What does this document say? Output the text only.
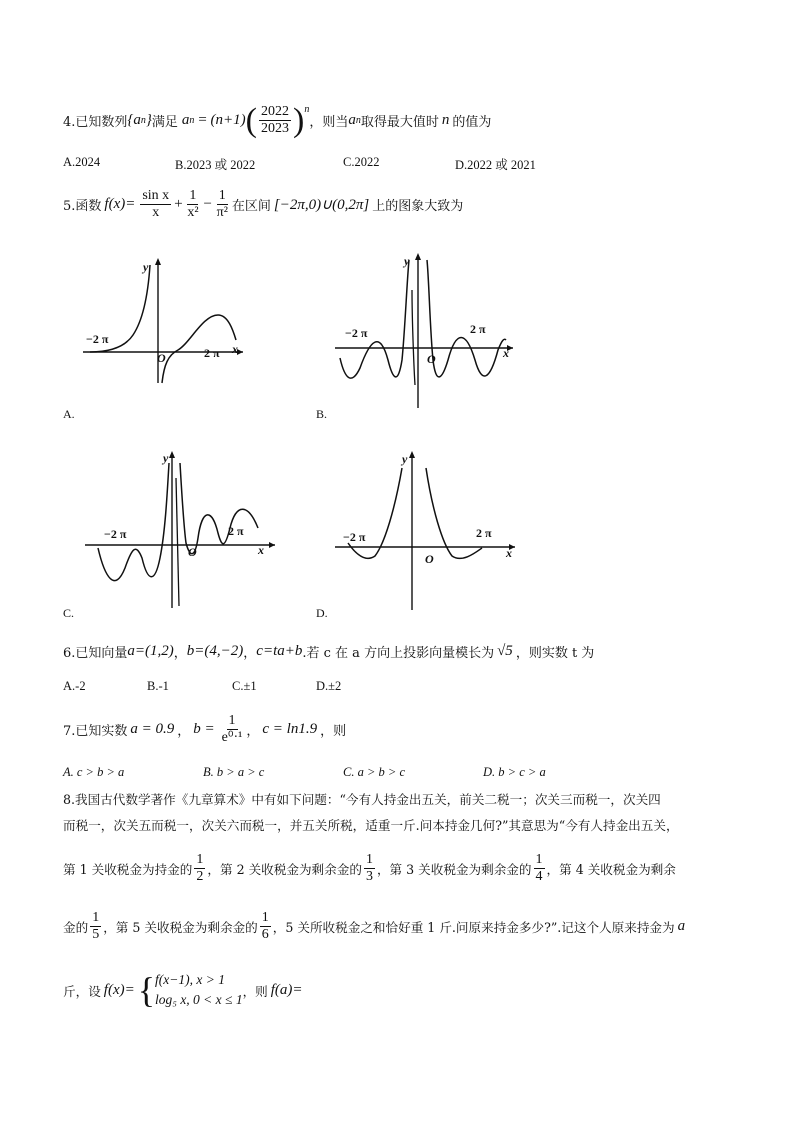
4.已知数列 {a n } 满足 a n = (n+1) ( $\frac{2022}{2023} )^n$
，则当 a n 取得最大值时 n 的值为
A.2024	B.2023 或 2022	C.2022	D.2022 或 2021
5.函数 $f(x)= \frac{\text{sin x}}{x} + \frac{1}{\text{x²}} - \frac{1}{\text{π²}}$ 在区间 [−2π,0)∪(0,2π] 上的图象大致为
y
x
O
−2 π
2 π
A.
y
x
O
−2 π	2 π
B.
y
x
O
−2 π	2 π
C.
y
x
O
−2 π	2 π
D.
6.已知向量 a=(1,2) ， b=(4,−2) ， c=ta+b .若 c 在 a 方向上投影向量模长为 √5 ，则实数 t 为
A.-2	B.-1	C.±1	D.±2
7.已知实数 a = 0.9 ， $b = \frac{1}{\text{e⁰·¹}}$ ， c = ln1.9 ，则
A. c > b > a	B. b > a > c	C. a > b > c	D. b > c > a
8.我国古代数学著作《九章算术》中有如下问题：“今有人持金出五关，前关二税一；次关三而税一，次关四
而税一，次关五而税一，次关六而税一，并五关所税，适重一斤.问本持金几何?”其意思为“今有人持金出五关，
第 1 关收税金为持金的 $\frac{1}{2}$ ，第 2 关收税金为剩余金的 $\frac{1}{3}$ ，第 3 关收税金为剩余金的 $\frac{1}{4}$ ，第 4 关收税金为剩余
金的 $\frac{1}{5}$ ，第 5 关收税金为剩余金的 $\frac{1}{6}$ ，5 关所收税金之和恰好重 1 斤.问原来持金多少?”.记这个人原来持金为 a
斤，设 f(x)= { f(x−1), x > 1
log₅ x, 0 < x ≤ 1
，则 f(a)=
